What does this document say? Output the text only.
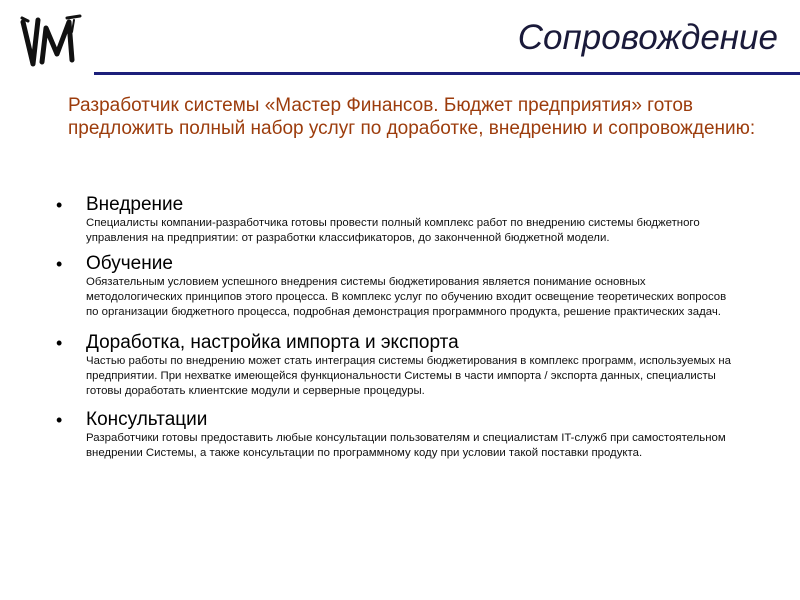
Сопровождение

Разработчик системы «Мастер Финансов. Бюджет предприятия» готов предложить полный набор услуг по доработке, внедрению и сопровождению:

• Внедрение
Специалисты компании-разработчика готовы провести полный комплекс работ по внедрению системы бюджетного управления на предприятии: от разработки классификаторов, до законченной бюджетной модели.
• Обучение
Обязательным условием успешного внедрения системы бюджетирования является понимание основных методологических принципов этого процесса. В комплекс услуг по обучению входит освещение теоретических вопросов по организации бюджетного процесса, подробная демонстрация программного продукта, решение практических задач.
• Доработка, настройка импорта и экспорта
Частью работы по внедрению может стать интеграция системы бюджетирования в комплекс программ, используемых на предприятии. При нехватке имеющейся функциональности Системы в части импорта / экспорта данных, специалисты готовы доработать клиентские модули и серверные процедуры.
• Консультации
Разработчики готовы предоставить любые консультации пользователям и специалистам IT-служб при самостоятельном внедрении Системы, а также консультации по программному коду при условии такой поставки продукта.
